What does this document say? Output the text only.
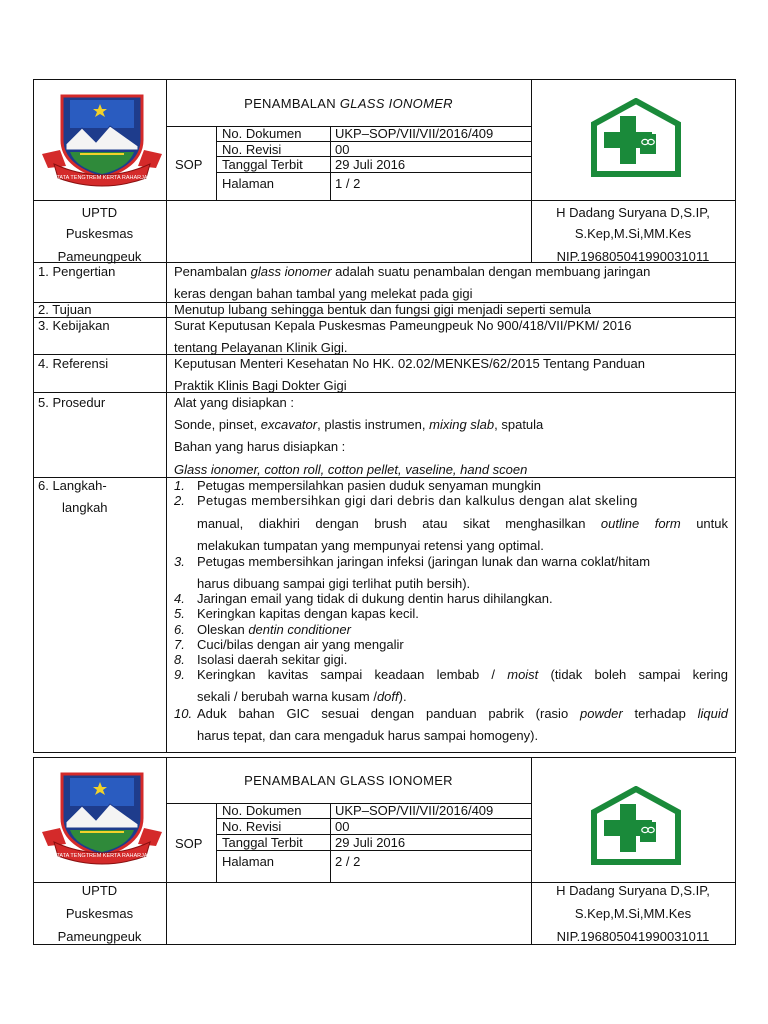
TATA TENGTREM KERTA RAHARJA
PENAMBALAN GLASS IONOMER
SOP
No. Dokumen	UKP–SOP/VII/VII/2016/409
No. Revisi	00
Tanggal Terbit 29 Juli 2016
Halaman	1 / 2
UPTD
Puskesmas
Pameungpeuk
H Dadang Suryana D,S.IP,
S.Kep,M.Si,MM.Kes
NIP.196805041990031011
1. Pengertian	Penambalan glass ionomer adalah suatu penambalan dengan membuang jaringan
keras dengan bahan tambal yang melekat pada gigi
2. Tujuan	Menutup lubang sehingga bentuk dan fungsi gigi menjadi seperti semula
3. Kebijakan	Surat Keputusan Kepala Puskesmas Pameungpeuk No 900/418/VII/PKM/ 2016
tentang Pelayanan Klinik Gigi.
4. Referensi	Keputusan Menteri Kesehatan No HK. 02.02/MENKES/62/2015 Tentang Panduan
Praktik Klinis Bagi Dokter Gigi
5. Prosedur	Alat yang disiapkan :
Sonde, pinset, excavator, plastis instrumen, mixing slab, spatula
Bahan yang harus disiapkan :
Glass ionomer, cotton roll, cotton pellet, vaseline, hand scoen
6. Langkah-
langkah
1. Petugas mempersilahkan pasien duduk senyaman mungkin
2. Petugas membersihkan gigi dari debris dan kalkulus dengan alat skeling
manual, diakhiri dengan brush atau sikat menghasilkan outline form untuk
melakukan tumpatan yang mempunyai retensi yang optimal.
3. Petugas membersihkan jaringan infeksi (jaringan lunak dan warna coklat/hitam
harus dibuang sampai gigi terlihat putih bersih).
4. Jaringan email yang tidak di dukung dentin harus dihilangkan.
5. Keringkan kapitas dengan kapas kecil.
6. Oleskan dentin conditioner
7. Cuci/bilas dengan air yang mengalir
8. Isolasi daerah sekitar gigi.
9. Keringkan kavitas sampai keadaan lembab / moist (tidak boleh sampai kering
sekali / berubah warna kusam /doff).
10. Aduk bahan GIC sesuai dengan panduan pabrik (rasio powder terhadap liquid
harus tepat, dan cara mengaduk harus sampai homogeny).
TATA TENGTREM KERTA RAHARJA
PENAMBALAN GLASS IONOMER
SOP
No. Dokumen	UKP–SOP/VII/VII/2016/409
No. Revisi	00
Tanggal Terbit 29 Juli 2016
Halaman	2 / 2
UPTD
Puskesmas
Pameungpeuk
H Dadang Suryana D,S.IP,
S.Kep,M.Si,MM.Kes
NIP.196805041990031011
